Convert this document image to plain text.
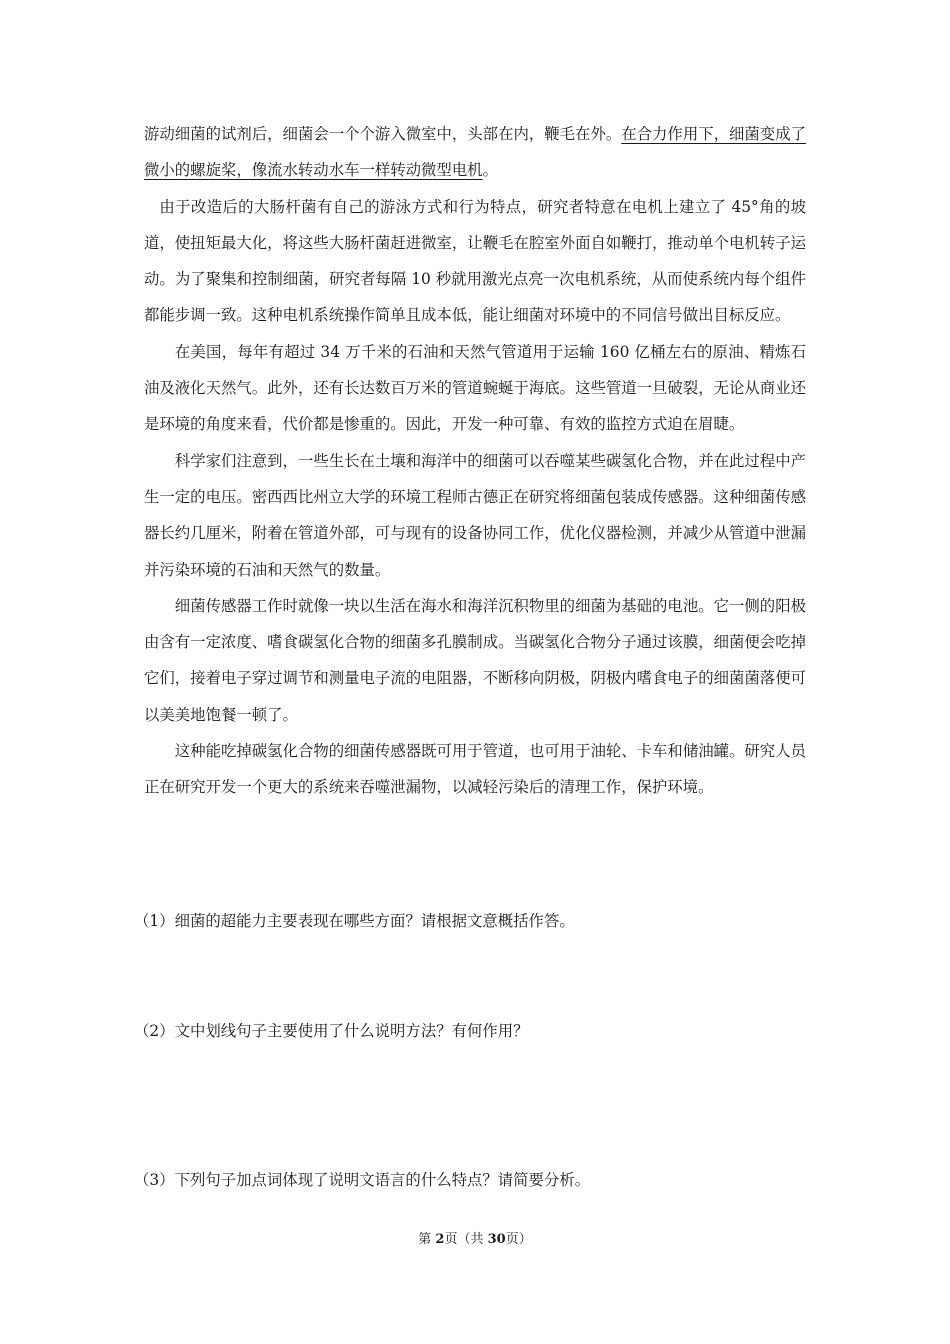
游动细菌的试剂后，细菌会一个个游入微室中，头部在内，鞭毛在外。在合力作用下，细菌变成了微小的螺旋桨，像流水转动水车一样转动微型电机。

由于改造后的大肠杆菌有自己的游泳方式和行为特点，研究者特意在电机上建立了 45°角的坡道，使扭矩最大化，将这些大肠杆菌赶进微室，让鞭毛在腔室外面自如鞭打，推动单个电机转子运动。为了聚集和控制细菌，研究者每隔 10 秒就用激光点亮一次电机系统，从而使系统内每个组件都能步调一致。这种电机系统操作简单且成本低，能让细菌对环境中的不同信号做出目标反应。

在美国，每年有超过 34 万千米的石油和天然气管道用于运输 160 亿桶左右的原油、精炼石油及液化天然气。此外，还有长达数百万米的管道蜿蜒于海底。这些管道一旦破裂，无论从商业还是环境的角度来看，代价都是惨重的。因此，开发一种可靠、有效的监控方式迫在眉睫。

科学家们注意到，一些生长在土壤和海洋中的细菌可以吞噬某些碳氢化合物，并在此过程中产生一定的电压。密西西比州立大学的环境工程师古德正在研究将细菌包装成传感器。这种细菌传感器长约几厘米，附着在管道外部，可与现有的设备协同工作，优化仪器检测，并减少从管道中泄漏并污染环境的石油和天然气的数量。

细菌传感器工作时就像一块以生活在海水和海洋沉积物里的细菌为基础的电池。它一侧的阳极由含有一定浓度、嗜食碳氢化合物的细菌多孔膜制成。当碳氢化合物分子通过该膜，细菌便会吃掉它们，接着电子穿过调节和测量电子流的电阻器，不断移向阴极，阴极内嗜食电子的细菌菌落便可以美美地饱餐一顿了。

这种能吃掉碳氢化合物的细菌传感器既可用于管道，也可用于油轮、卡车和储油罐。研究人员正在研究开发一个更大的系统来吞噬泄漏物，以减轻污染后的清理工作，保护环境。

（1）细菌的超能力主要表现在哪些方面？请根据文意概括作答。

（2）文中划线句子主要使用了什么说明方法？有何作用？

（3）下列句子加点词体现了说明文语言的什么特点？请简要分析。

第 2页（共 30页）
